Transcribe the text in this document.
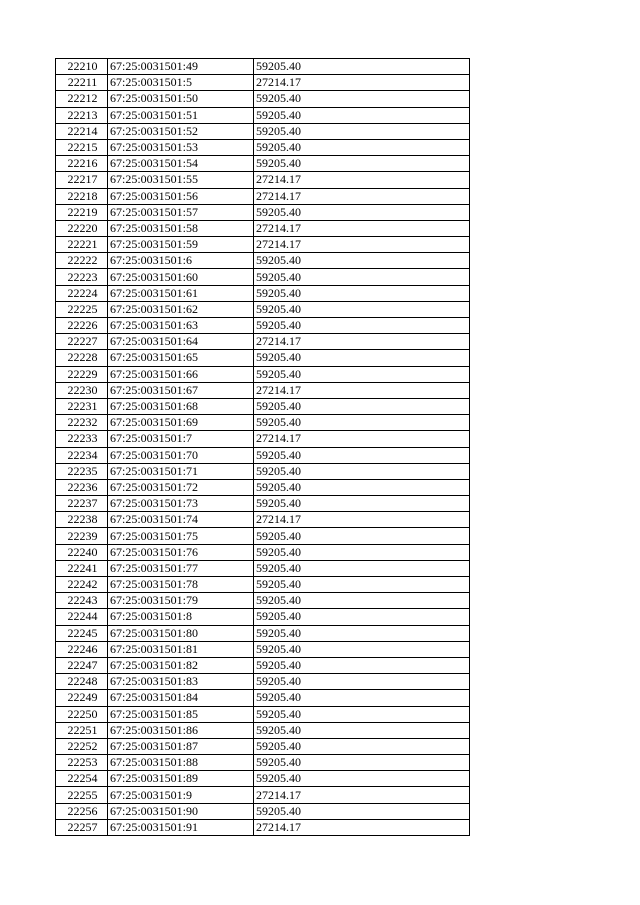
22210	67:25:0031501:49	59205.40
22211	67:25:0031501:5	27214.17
22212	67:25:0031501:50	59205.40
22213	67:25:0031501:51	59205.40
22214	67:25:0031501:52	59205.40
22215	67:25:0031501:53	59205.40
22216	67:25:0031501:54	59205.40
22217	67:25:0031501:55	27214.17
22218	67:25:0031501:56	27214.17
22219	67:25:0031501:57	59205.40
22220	67:25:0031501:58	27214.17
22221	67:25:0031501:59	27214.17
22222	67:25:0031501:6	59205.40
22223	67:25:0031501:60	59205.40
22224	67:25:0031501:61	59205.40
22225	67:25:0031501:62	59205.40
22226	67:25:0031501:63	59205.40
22227	67:25:0031501:64	27214.17
22228	67:25:0031501:65	59205.40
22229	67:25:0031501:66	59205.40
22230	67:25:0031501:67	27214.17
22231	67:25:0031501:68	59205.40
22232	67:25:0031501:69	59205.40
22233	67:25:0031501:7	27214.17
22234	67:25:0031501:70	59205.40
22235	67:25:0031501:71	59205.40
22236	67:25:0031501:72	59205.40
22237	67:25:0031501:73	59205.40
22238	67:25:0031501:74	27214.17
22239	67:25:0031501:75	59205.40
22240	67:25:0031501:76	59205.40
22241	67:25:0031501:77	59205.40
22242	67:25:0031501:78	59205.40
22243	67:25:0031501:79	59205.40
22244	67:25:0031501:8	59205.40
22245	67:25:0031501:80	59205.40
22246	67:25:0031501:81	59205.40
22247	67:25:0031501:82	59205.40
22248	67:25:0031501:83	59205.40
22249	67:25:0031501:84	59205.40
22250	67:25:0031501:85	59205.40
22251	67:25:0031501:86	59205.40
22252	67:25:0031501:87	59205.40
22253	67:25:0031501:88	59205.40
22254	67:25:0031501:89	59205.40
22255	67:25:0031501:9	27214.17
22256	67:25:0031501:90	59205.40
22257	67:25:0031501:91	27214.17
